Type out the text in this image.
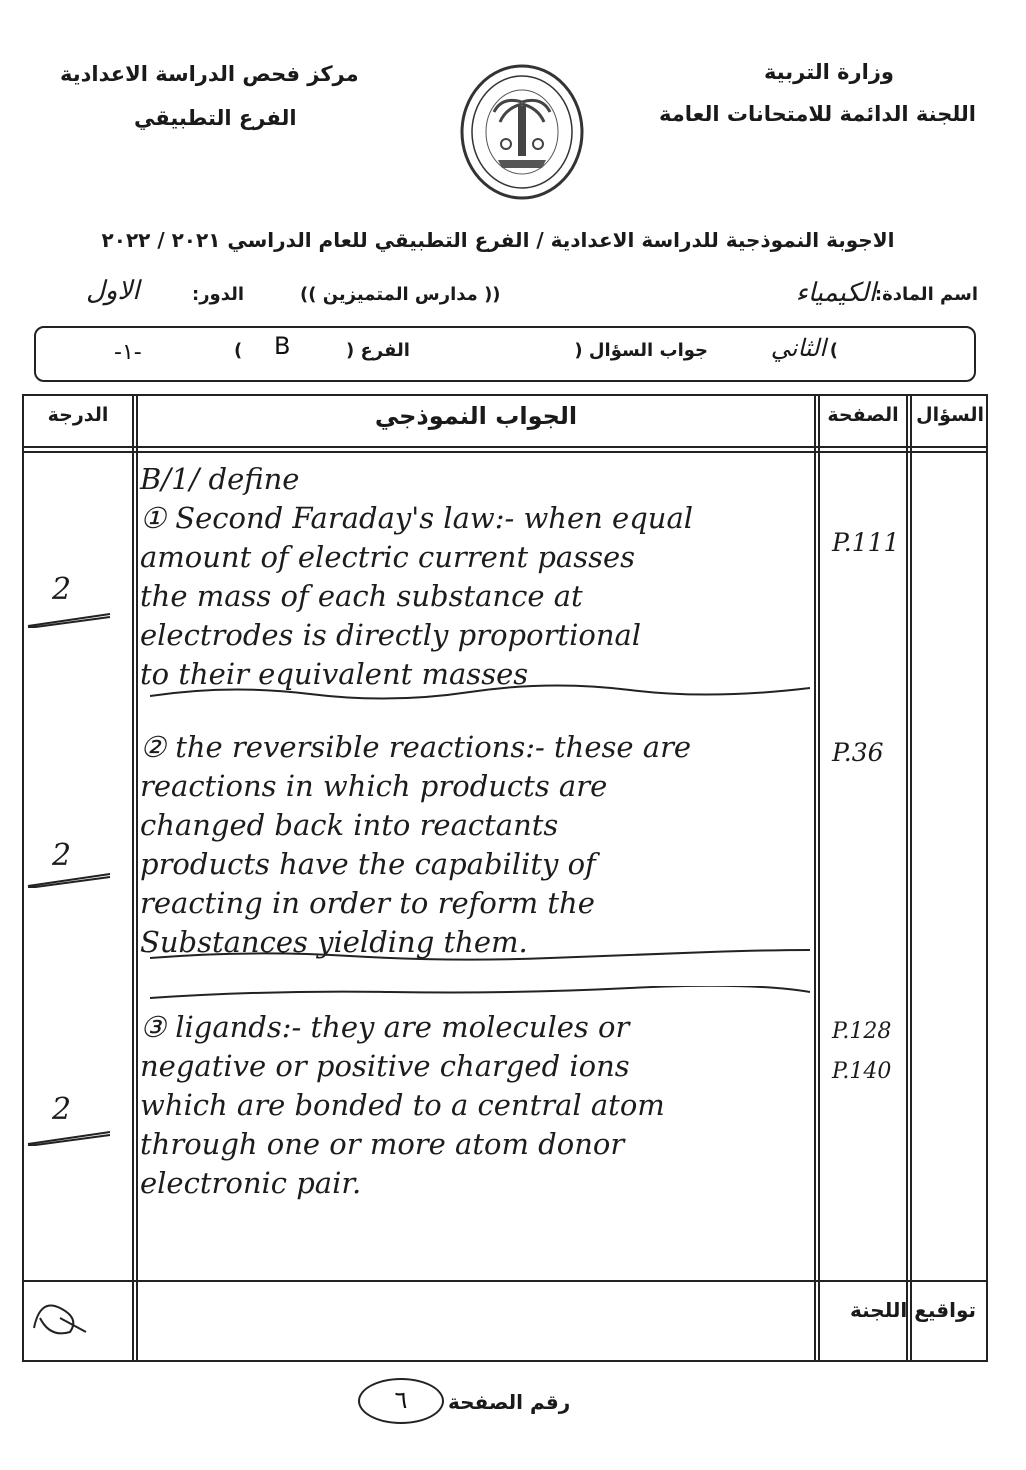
وزارة التربية
اللجنة الدائمة للامتحانات العامة
مركز فحص الدراسة الاعدادية
الفرع التطبيقي
الاجوبة النموذجية للدراسة الاعدادية / الفرع التطبيقي للعام الدراسي ٢٠٢١ / ٢٠٢٢
اسم المادة:
الكيمياء
(( مدارس المتميزين ))
الدور:
الاول
جواب السؤال (	الثاني )
الفرع (
B
)
-١-
السؤال
الصفحة
الجواب النموذجي
الدرجة
B/1/ define
① Second Faraday's law:- when equal
amount of electric current passes
the mass of each substance at
electrodes is directly proportional
to their equivalent masses
P.111
2
② the reversible reactions:- these are
reactions in which products are
changed back into reactants
products have the capability of
reacting in order to reform the
Substances yielding them.
P.36
2
③ ligands:- they are molecules or
negative or positive charged ions
which are bonded to a central atom
through one or more atom donor
electronic pair.
P.128
P.140
2
تواقيع اللجنة
رقم الصفحة
٦
